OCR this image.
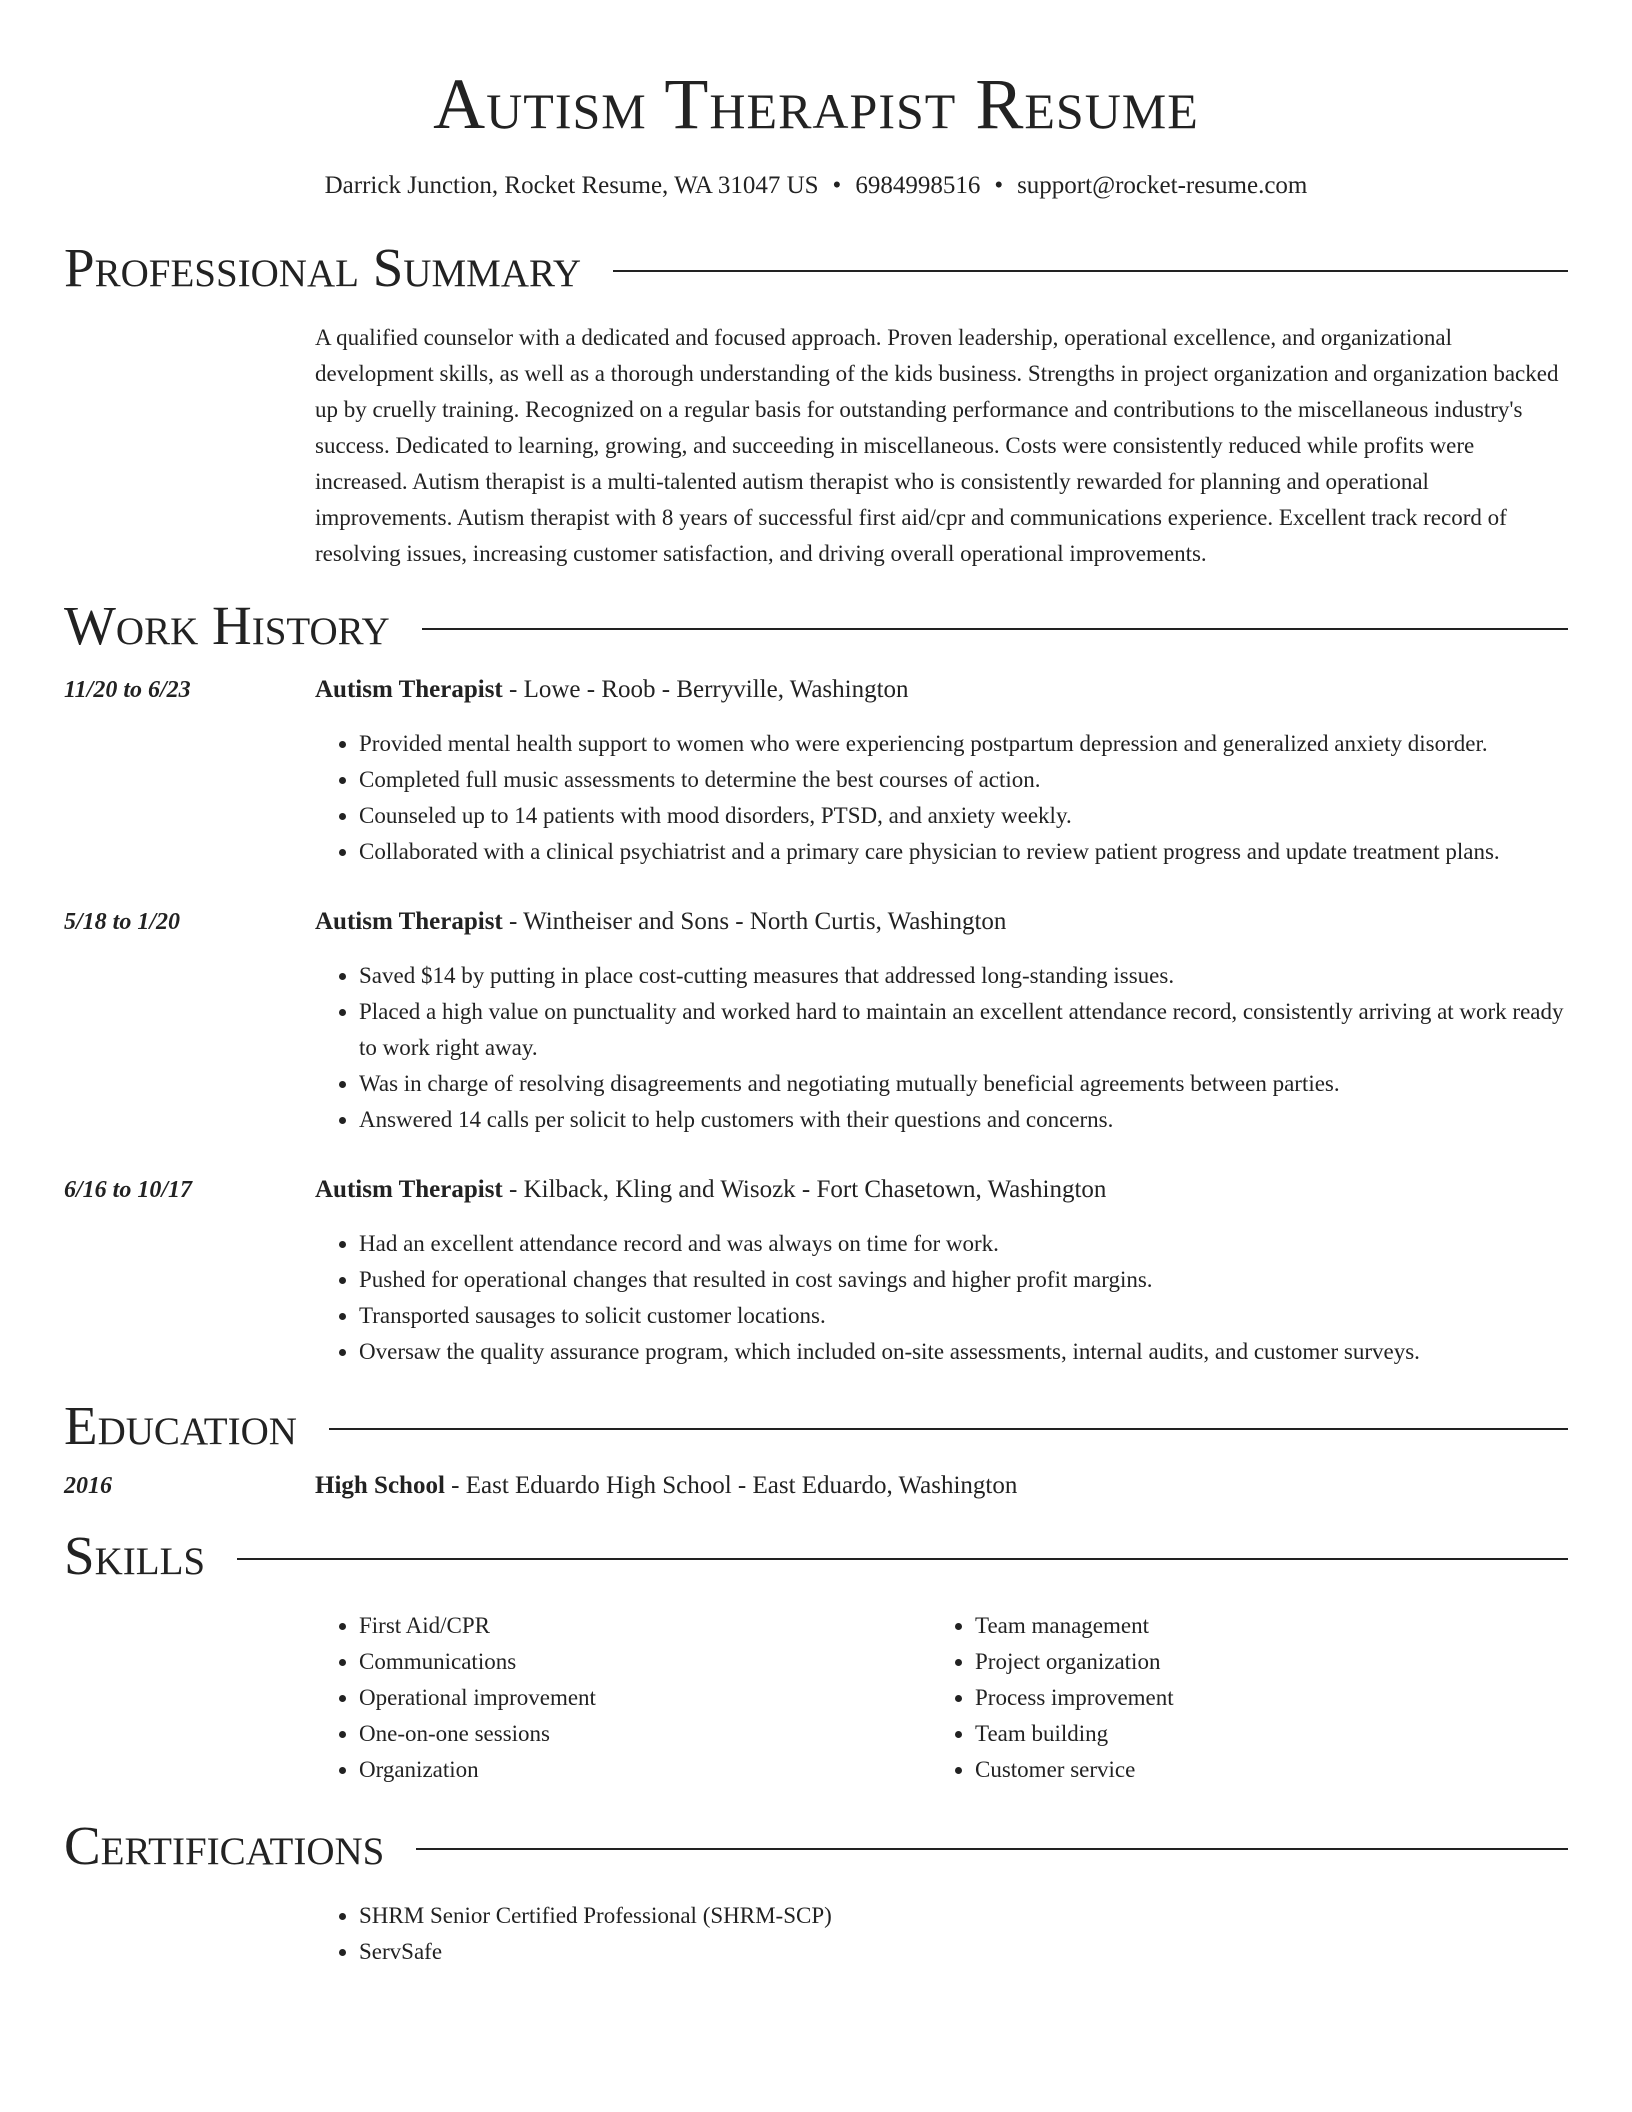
Autism Therapist Resume
Darrick Junction, Rocket Resume, WA 31047 US • 6984998516 • support@rocket-resume.com
Professional Summary
A qualified counselor with a dedicated and focused approach. Proven leadership, operational excellence, and organizational development skills, as well as a thorough understanding of the kids business. Strengths in project organization and organization backed up by cruelly training. Recognized on a regular basis for outstanding performance and contributions to the miscellaneous industry's success. Dedicated to learning, growing, and succeeding in miscellaneous. Costs were consistently reduced while profits were increased. Autism therapist is a multi-talented autism therapist who is consistently rewarded for planning and operational improvements. Autism therapist with 8 years of successful first aid/cpr and communications experience. Excellent track record of resolving issues, increasing customer satisfaction, and driving overall operational improvements.
Work History
11/20 to 6/23	Autism Therapist - Lowe - Roob - Berryville, Washington
• Provided mental health support to women who were experiencing postpartum depression and generalized anxiety disorder.
• Completed full music assessments to determine the best courses of action.
• Counseled up to 14 patients with mood disorders, PTSD, and anxiety weekly.
• Collaborated with a clinical psychiatrist and a primary care physician to review patient progress and update treatment plans.
5/18 to 1/20	Autism Therapist - Wintheiser and Sons - North Curtis, Washington
• Saved $14 by putting in place cost-cutting measures that addressed long-standing issues.
• Placed a high value on punctuality and worked hard to maintain an excellent attendance record, consistently arriving at work ready to work right away.
• Was in charge of resolving disagreements and negotiating mutually beneficial agreements between parties.
• Answered 14 calls per solicit to help customers with their questions and concerns.
6/16 to 10/17	Autism Therapist - Kilback, Kling and Wisozk - Fort Chasetown, Washington
• Had an excellent attendance record and was always on time for work.
• Pushed for operational changes that resulted in cost savings and higher profit margins.
• Transported sausages to solicit customer locations.
• Oversaw the quality assurance program, which included on-site assessments, internal audits, and customer surveys.
Education
2016	High School - East Eduardo High School - East Eduardo, Washington
Skills
• First Aid/CPR
• Communications
• Operational improvement
• One-on-one sessions
• Organization
• Team management
• Project organization
• Process improvement
• Team building
• Customer service
Certifications
• SHRM Senior Certified Professional (SHRM-SCP)
• ServSafe
